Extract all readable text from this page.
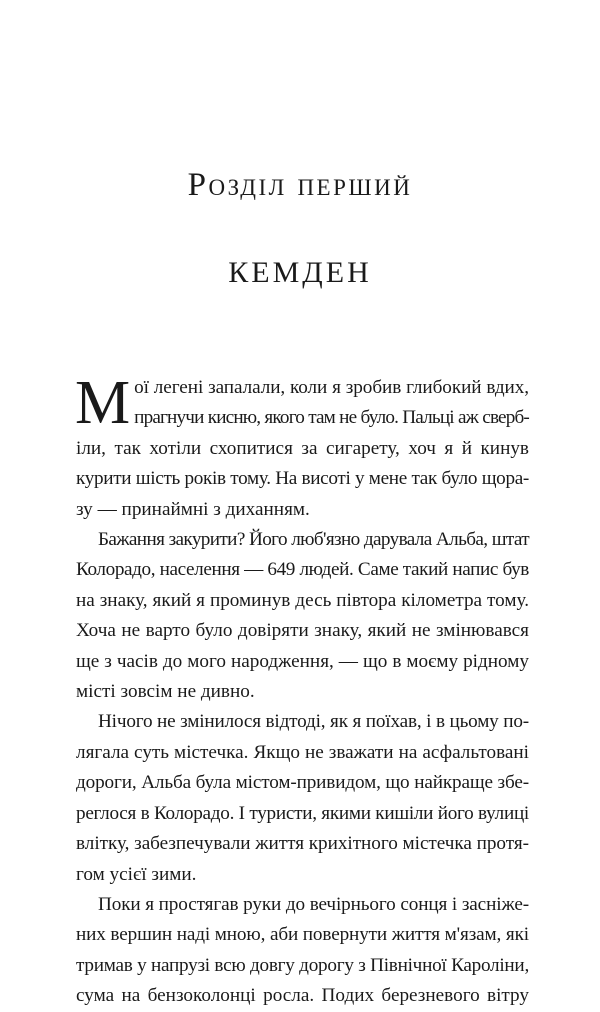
Розділ перший
КЕМДЕН
М ої легені запалали, коли я зробив глибокий вдих,
прагнучи кисню, якого там не було. Пальці аж сверб-
іли, так хотіли схопитися за сигарету, хоч я й кинув
курити шість років тому. На висоті у мене так було щора-
зу — принаймні з диханням.
Бажання закурити? Його люб'язно дарувала Альба, штат
Колорадо, населення — 649 людей. Саме такий напис був
на знаку, який я проминув десь півтора кілометра тому.
Хоча не варто було довіряти знаку, який не змінювався
ще з часів до мого народження, — що в моєму рідному
місті зовсім не дивно.
Нічого не змінилося відтоді, як я поїхав, і в цьому по-
лягала суть містечка. Якщо не зважати на асфальтовані
дороги, Альба була містом-привидом, що найкраще збе-
реглося в Колорадо. І туристи, якими кишіли його вулиці
влітку, забезпечували життя крихітного містечка протя-
гом усієї зими.
Поки я простягав руки до вечірнього сонця і засніже-
них вершин наді мною, аби повернути життя м'язам, які
тримав у напрузі всю довгу дорогу з Північної Кароліни,
сума на бензоколонці росла. Подих березневого вітру
